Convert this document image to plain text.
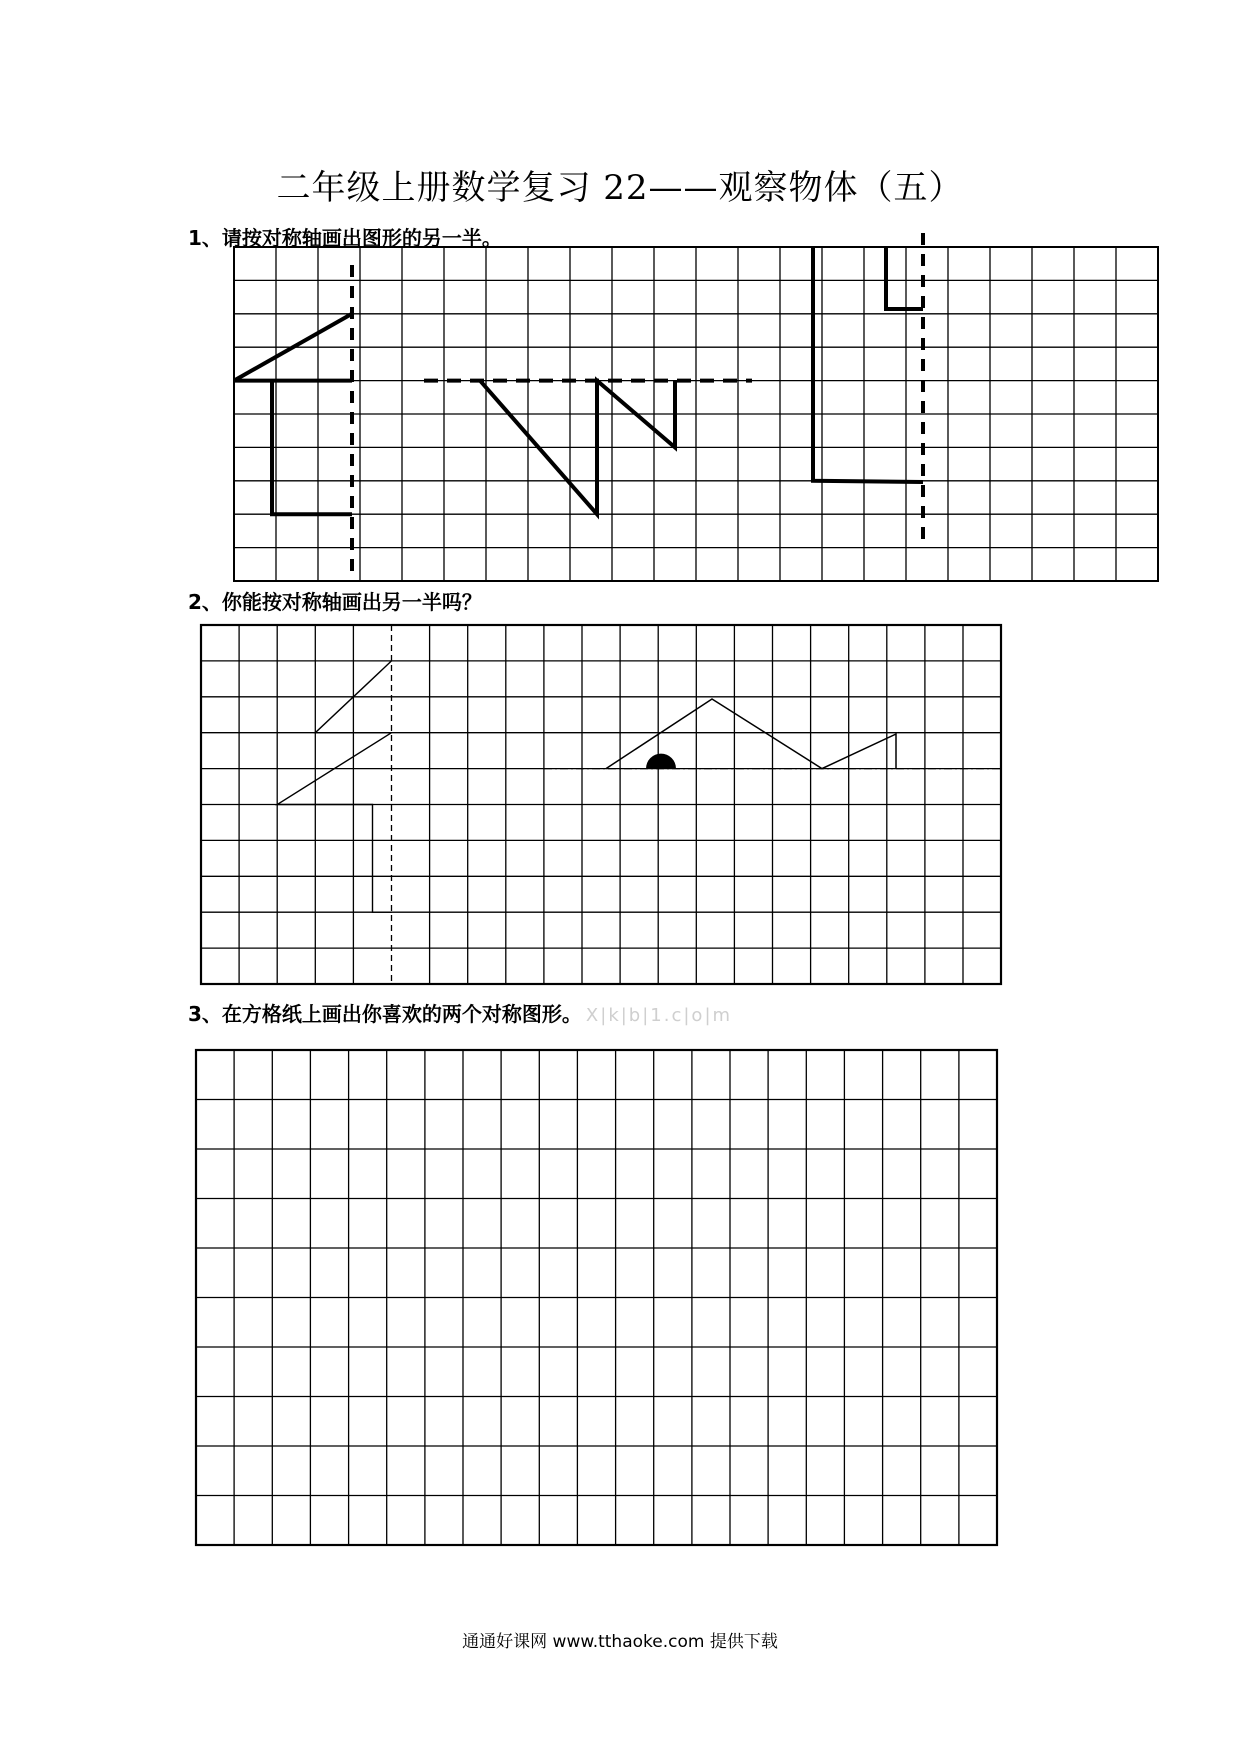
二年级上册数学复习 22——观察物体（五）
1、请按对称轴画出图形的另一半。
2、你能按对称轴画出另一半吗？
3、在方格纸上画出你喜欢的两个对称图形。 X|k|b|1.c|o|m
通通好课网 www.tthaoke.com 提供下载
